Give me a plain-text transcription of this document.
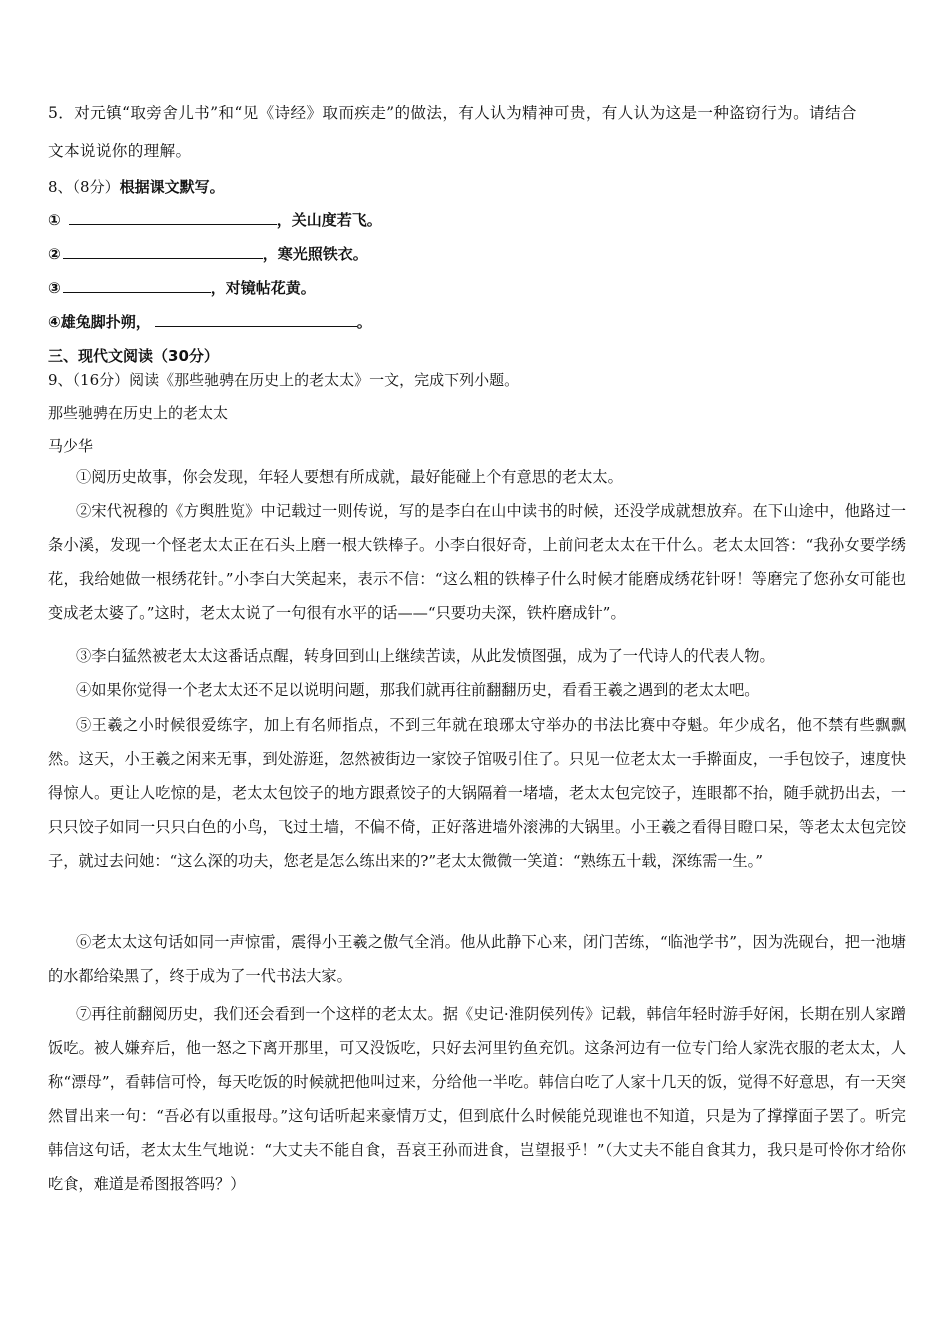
5．对元镇“取旁舍儿书”和“见《诗经》取而疾走”的做法，有人认为精神可贵，有人认为这是一种盗窃行为。请结合
文本说说你的理解。
8、（8分）根据课文默写。
①	，关山度若飞。
②	，寒光照铁衣。
③	，对镜帖花黄。
④雄兔脚扑朔，	。
三、现代文阅读（30分）
9、（16分）阅读《那些驰骋在历史上的老太太》一文，完成下列小题。
那些驰骋在历史上的老太太
马少华
①阅历史故事，你会发现，年轻人要想有所成就，最好能碰上个有意思的老太太。
②宋代祝穆的《方舆胜览》中记载过一则传说，写的是李白在山中读书的时候，还没学成就想放弃。在下山途中，他路过一条小溪，发现一个怪老太太正在石头上磨一根大铁棒子。小李白很好奇，上前问老太太在干什么。老太太回答：“我孙女要学绣花，我给她做一根绣花针。”小李白大笑起来，表示不信：“这么粗的铁棒子什么时候才能磨成绣花针呀！等磨完了您孙女可能也变成老太婆了。”这时，老太太说了一句很有水平的话——“只要功夫深，铁杵磨成针”。
③李白猛然被老太太这番话点醒，转身回到山上继续苦读，从此发愤图强，成为了一代诗人的代表人物。
④如果你觉得一个老太太还不足以说明问题，那我们就再往前翻翻历史，看看王羲之遇到的老太太吧。
⑤王羲之小时候很爱练字，加上有名师指点，不到三年就在琅琊太守举办的书法比赛中夺魁。年少成名，他不禁有些飘飘然。这天，小王羲之闲来无事，到处游逛，忽然被街边一家饺子馆吸引住了。只见一位老太太一手擀面皮，一手包饺子，速度快得惊人。更让人吃惊的是，老太太包饺子的地方跟煮饺子的大锅隔着一堵墙，老太太包完饺子，连眼都不抬，随手就扔出去，一只只饺子如同一只只白色的小鸟，飞过土墙，不偏不倚，正好落进墙外滚沸的大锅里。小王羲之看得目瞪口呆，等老太太包完饺子，就过去问她：“这么深的功夫，您老是怎么练出来的?”老太太微微一笑道：“熟练五十载，深练需一生。”
⑥老太太这句话如同一声惊雷，震得小王羲之傲气全消。他从此静下心来，闭门苦练，“临池学书”，因为洗砚台，把一池塘的水都给染黑了，终于成为了一代书法大家。
⑦再往前翻阅历史，我们还会看到一个这样的老太太。据《史记·淮阴侯列传》记载，韩信年轻时游手好闲，长期在别人家蹭饭吃。被人嫌弃后，他一怒之下离开那里，可又没饭吃，只好去河里钓鱼充饥。这条河边有一位专门给人家洗衣服的老太太，人称“漂母”，看韩信可怜，每天吃饭的时候就把他叫过来，分给他一半吃。韩信白吃了人家十几天的饭，觉得不好意思，有一天突然冒出来一句：“吾必有以重报母。”这句话听起来豪情万丈，但到底什么时候能兑现谁也不知道，只是为了撑撑面子罢了。听完韩信这句话，老太太生气地说：“大丈夫不能自食，吾哀王孙而进食，岂望报乎！”（大丈夫不能自食其力，我只是可怜你才给你吃食，难道是希图报答吗？）
